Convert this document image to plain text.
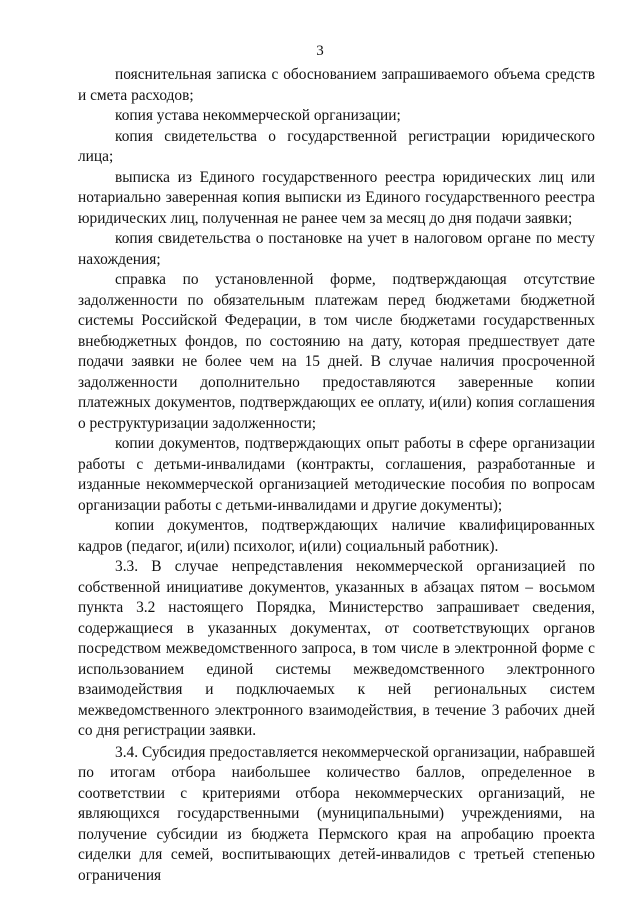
3

пояснительная записка с обоснованием запрашиваемого объема средств и смета расходов;

копия устава некоммерческой организации;

копия свидетельства о государственной регистрации юридического лица;

выписка из Единого государственного реестра юридических лиц или нотариально заверенная копия выписки из Единого государственного реестра юридических лиц, полученная не ранее чем за месяц до дня подачи заявки;

копия свидетельства о постановке на учет в налоговом органе по месту нахождения;

справка по установленной форме, подтверждающая отсутствие задолженности по обязательным платежам перед бюджетами бюджетной системы Российской Федерации, в том числе бюджетами государственных внебюджетных фондов, по состоянию на дату, которая предшествует дате подачи заявки не более чем на 15 дней. В случае наличия просроченной задолженности дополнительно предоставляются заверенные копии платежных документов, подтверждающих ее оплату, и(или) копия соглашения о реструктуризации задолженности;

копии документов, подтверждающих опыт работы в сфере организации работы с детьми-инвалидами (контракты, соглашения, разработанные и изданные некоммерческой организацией методические пособия по вопросам организации работы с детьми-инвалидами и другие документы);

копии документов, подтверждающих наличие квалифицированных кадров (педагог, и(или) психолог, и(или) социальный работник).

3.3. В случае непредставления некоммерческой организацией по собственной инициативе документов, указанных в абзацах пятом – восьмом пункта 3.2 настоящего Порядка, Министерство запрашивает сведения, содержащиеся в указанных документах, от соответствующих органов посредством межведомственного запроса, в том числе в электронной форме с использованием единой системы межведомственного электронного взаимодействия и подключаемых к ней региональных систем межведомственного электронного взаимодействия, в течение 3 рабочих дней со дня регистрации заявки.

3.4. Субсидия предоставляется некоммерческой организации, набравшей по итогам отбора наибольшее количество баллов, определенное в соответствии с критериями отбора некоммерческих организаций, не являющихся государственными (муниципальными) учреждениями, на получение субсидии из бюджета Пермского края на апробацию проекта сиделки для семей, воспитывающих детей-инвалидов с третьей степенью ограничения
